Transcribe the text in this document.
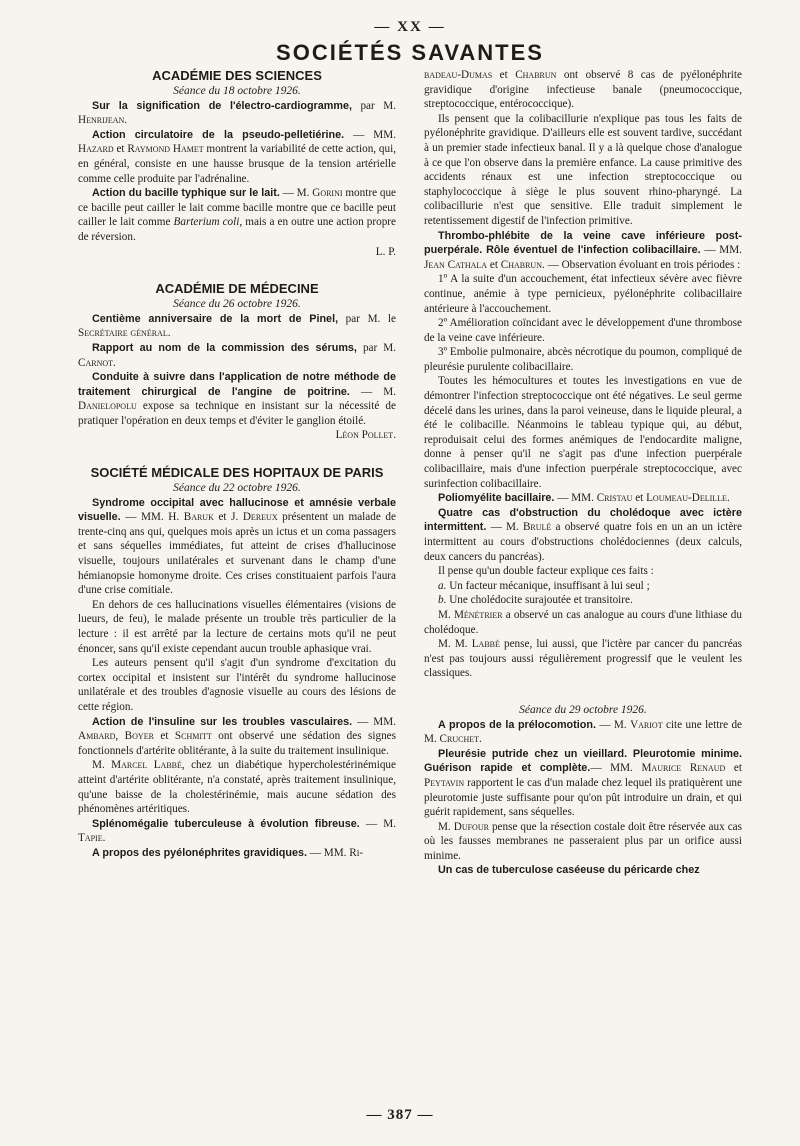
— XX —
SOCIÉTÉS SAVANTES

ACADÉMIE DES SCIENCES

Séance du 18 octobre 1926.

Sur la signification de l'électro-cardiogramme, par M. Henrijean.

Action circulatoire de la pseudo-pelletiérine. — MM. Hazard et Raymond Hamet montrent la variabilité de cette action, qui, en général, consiste en une hausse brusque de la tension artérielle comme celle produite par l'adrénaline.

Action du bacille typhique sur le lait. — M. Gorini montre que ce bacille peut cailler le lait comme bacille montre que ce bacille peut cailler le lait comme Barterium coli, mais a en outre une action propre de réversion.

L. P.

ACADÉMIE DE MÉDECINE

Séance du 26 octobre 1926.

Centième anniversaire de la mort de Pinel, par M. le Secrétaire général.

Rapport au nom de la commission des sérums, par M. Carnot.

Conduite à suivre dans l'application de notre méthode de traitement chirurgical de l'angine de poitrine. — M. Danielopolu expose sa technique en insistant sur la nécessité de pratiquer l'opération en deux temps et d'éviter le ganglion étoilé.

Léon Pollet.

SOCIÉTÉ MÉDICALE DES HOPITAUX DE PARIS

Séance du 22 octobre 1926.

Syndrome occipital avec hallucinose et amnésie verbale visuelle. — MM. H. Baruk et J. Dereux présentent un malade de trente-cinq ans qui, quelques mois après un ictus et un coma passagers et sans séquelles immédiates, fut atteint de crises d'hallucinose visuelle, toujours unilatérales et survenant dans le champ d'une hémianopsie homonyme droite. Ces crises constituaient parfois l'aura d'une crise comitiale.

En dehors de ces hallucinations visuelles élémentaires (visions de lueurs, de feu), le malade présente un trouble très particulier de la lecture : il est arrêté par la lecture de certains mots qu'il ne peut énoncer, sans qu'il existe cependant aucun trouble aphasique vrai.

Les auteurs pensent qu'il s'agit d'un syndrome d'excitation du cortex occipital et insistent sur l'intérêt du syndrome hallucinose unilatérale et des troubles d'agnosie visuelle au cours des lésions de cette région.

Action de l'insuline sur les troubles vasculaires. — MM. Ambard, Boyer et Schmitt ont observé une sédation des signes fonctionnels d'artérite oblitérante, à la suite du traitement insulinique.

M. Marcel Labbé, chez un diabétique hypercholestérinémique atteint d'artérite oblitérante, n'a constaté, après traitement insulinique, qu'une baisse de la cholestérinémie, mais aucune sédation des phénomènes artéritiques.

Splénomégalie tuberculeuse à évolution fibreuse. — M. Tapie.

A propos des pyélonéphrites gravidiques. — MM. Ri-

badeau-Dumas et Chabrun ont observé 8 cas de pyélonéphrite gravidique d'origine infectieuse banale (pneumococcique, streptococcique, entérococcique).

Ils pensent que la colibacillurie n'explique pas tous les faits de pyélonéphrite gravidique. D'ailleurs elle est souvent tardive, succédant à un premier stade infectieux banal. Il y a là quelque chose d'analogue à ce que l'on observe dans la première enfance. La cause primitive des accidents rénaux est une infection streptococcique ou staphylococcique à siège le plus souvent rhino-pharyngé. La colibacillurie n'est que sensitive. Elle traduit simplement le retentissement digestif de l'infection primitive.

Thrombo-phlébite de la veine cave inférieure post-puerpérale. Rôle éventuel de l'infection colibacillaire. — MM. Jean Cathala et Chabrun. — Observation évoluant en trois périodes :

1º A la suite d'un accouchement, état infectieux sévère avec fièvre continue, anémie à type pernicieux, pyélonéphrite colibacillaire antérieure à l'accouchement.

2º Amélioration coïncidant avec le développement d'une thrombose de la veine cave inférieure.

3º Embolie pulmonaire, abcès nécrotique du poumon, compliqué de pleurésie purulente colibacillaire.

Toutes les hémocultures et toutes les investigations en vue de démontrer l'infection streptococcique ont été négatives. Le seul germe décelé dans les urines, dans la paroi veineuse, dans le liquide pleural, a été le colibacille. Néanmoins le tableau typique qui, au début, reproduisait celui des formes anémiques de l'endocardite maligne, donne à penser qu'il ne s'agit pas d'une infection puerpérale colibacillaire, mais d'une infection puerpérale streptococcique, avec surinfection colibacillaire.

Poliomyélite bacillaire. — MM. Cristau et Loumeau-Delille.

Quatre cas d'obstruction du cholédoque avec ictère intermittent. — M. Brulé a observé quatre fois en un an un ictère intermittent au cours d'obstructions cholédociennes (deux calculs, deux cancers du pancréas).

Il pense qu'un double facteur explique ces faits :

a. Un facteur mécanique, insuffisant à lui seul ;

b. Une cholédocite surajoutée et transitoire.

M. Ménétrier a observé un cas analogue au cours d'une lithiase du cholédoque.

M. M. Labbé pense, lui aussi, que l'ictère par cancer du pancréas n'est pas toujours aussi régulièrement progressif que le veulent les classiques.

Séance du 29 octobre 1926.

A propos de la prélocomotion. — M. Variot cite une lettre de M. Cruchet.

Pleurésie putride chez un vieillard. Pleurotomie minime. Guérison rapide et complète.— MM. Maurice Renaud et Peytavin rapportent le cas d'un malade chez lequel ils pratiquèrent une pleurotomie juste suffisante pour qu'on pût introduire un drain, et qui guérit rapidement, sans séquelles.

M. Dufour pense que la résection costale doit être réservée aux cas où les fausses membranes ne passeraient plus par un orifice aussi minime.

Un cas de tuberculose caséeuse du péricarde chez

— 387 —
